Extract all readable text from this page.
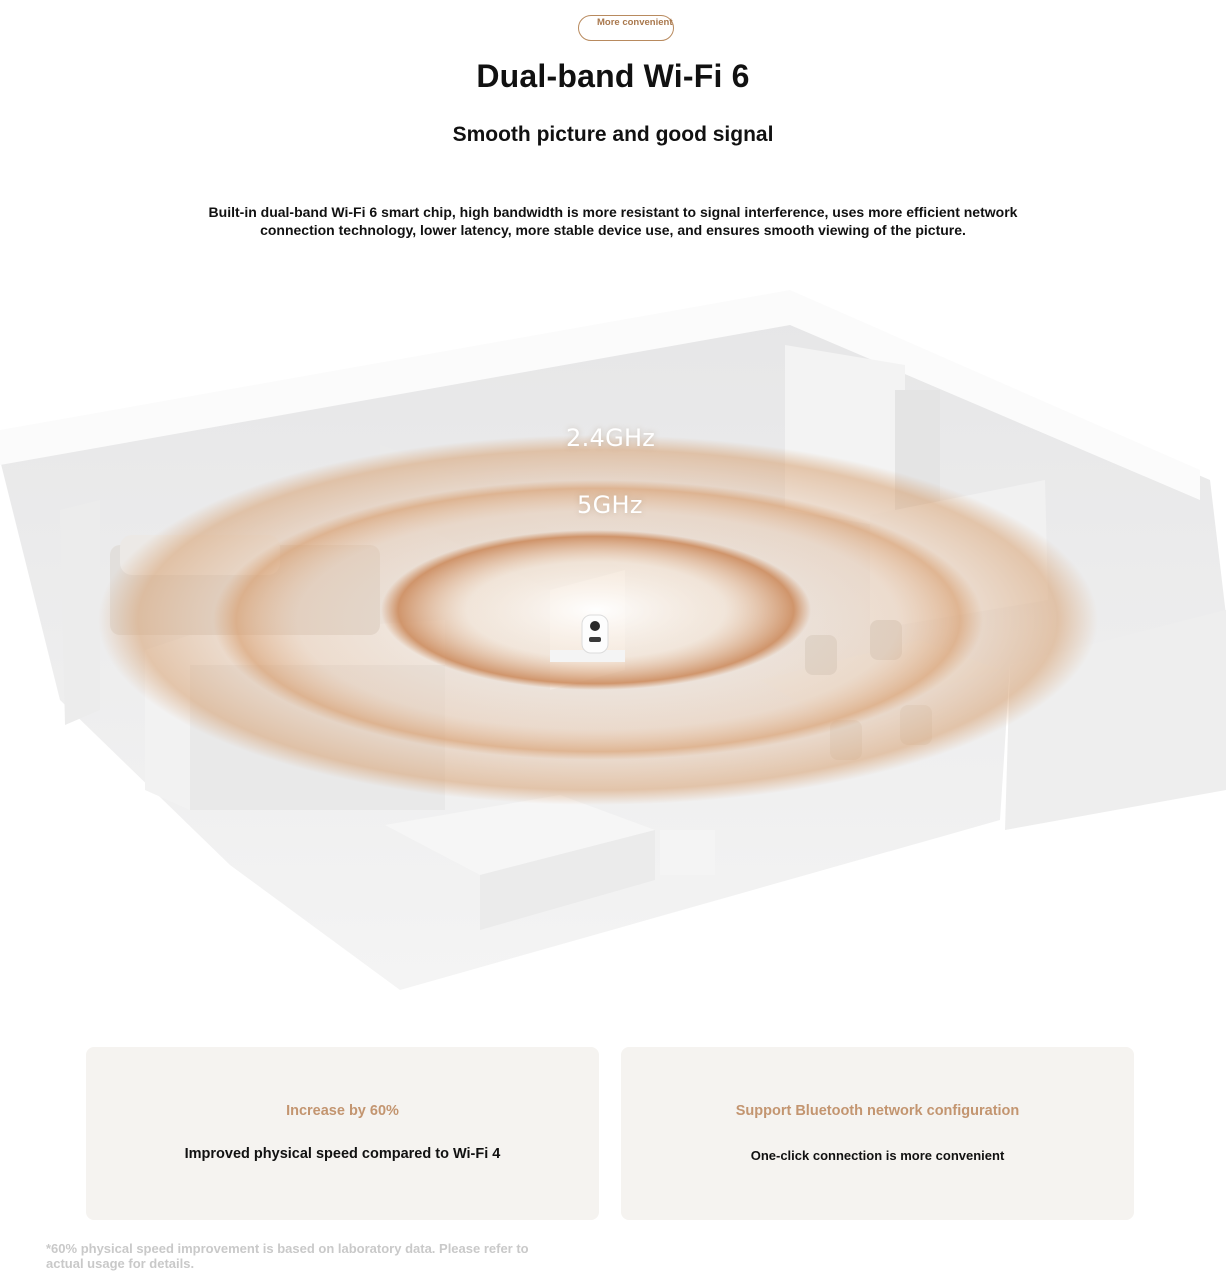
More convenient
Dual-band Wi-Fi 6
Smooth picture and good signal
Built-in dual-band Wi-Fi 6 smart chip, high bandwidth is more resistant to signal interference, uses more efficient network connection technology, lower latency, more stable device use, and ensures smooth viewing of the picture.
2.4GHz
5GHz
Increase by 60%
Improved physical speed compared to Wi-Fi 4
Support Bluetooth network configuration
One-click connection is more convenient
*60% physical speed improvement is based on laboratory data. Please refer to actual usage for details.
